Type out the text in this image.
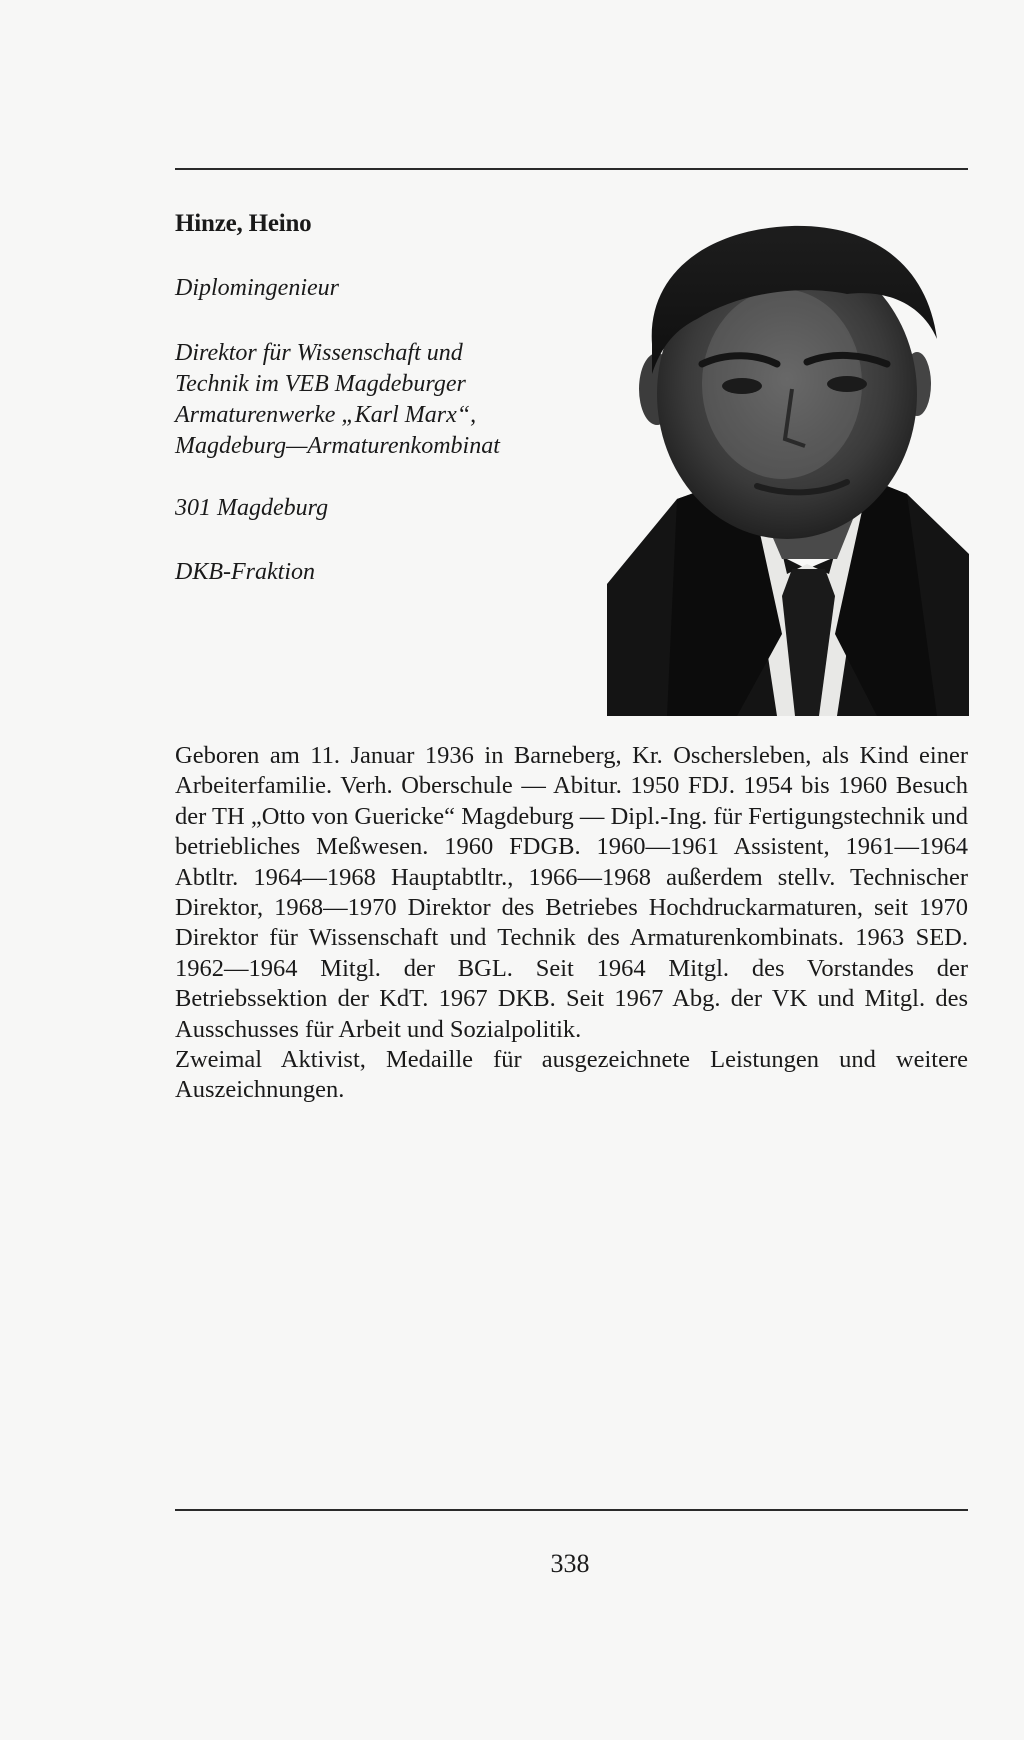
Hinze, Heino

Diplomingenieur

Direktor für Wissenschaft und
Technik im VEB Magdeburger
Armaturenwerke „Karl Marx“,
Magdeburg—Armaturenkombinat

301 Magdeburg

DKB-Fraktion

Geboren am 11. Januar 1936 in Barneberg, Kr. Oschersleben, als Kind einer Arbeiterfamilie. Verh. Oberschule — Abitur. 1950 FDJ. 1954 bis 1960 Besuch der TH „Otto von Guericke“ Magdeburg — Dipl.-Ing. für Fertigungstechnik und betriebliches Meßwesen. 1960 FDGB. 1960—1961 Assistent, 1961—1964 Abtltr. 1964—1968 Hauptabtltr., 1966—1968 außerdem stellv. Technischer Direktor, 1968—1970 Direktor des Betriebes Hochdruckarmaturen, seit 1970 Direktor für Wissenschaft und Technik des Armaturenkombinats. 1963 SED. 1962—1964 Mitgl. der BGL. Seit 1964 Mitgl. des Vorstandes der Betriebssektion der KdT. 1967 DKB. Seit 1967 Abg. der VK und Mitgl. des Ausschusses für Arbeit und Sozialpolitik.

Zweimal Aktivist, Medaille für ausgezeichnete Leistungen und weitere Auszeichnungen.

338
